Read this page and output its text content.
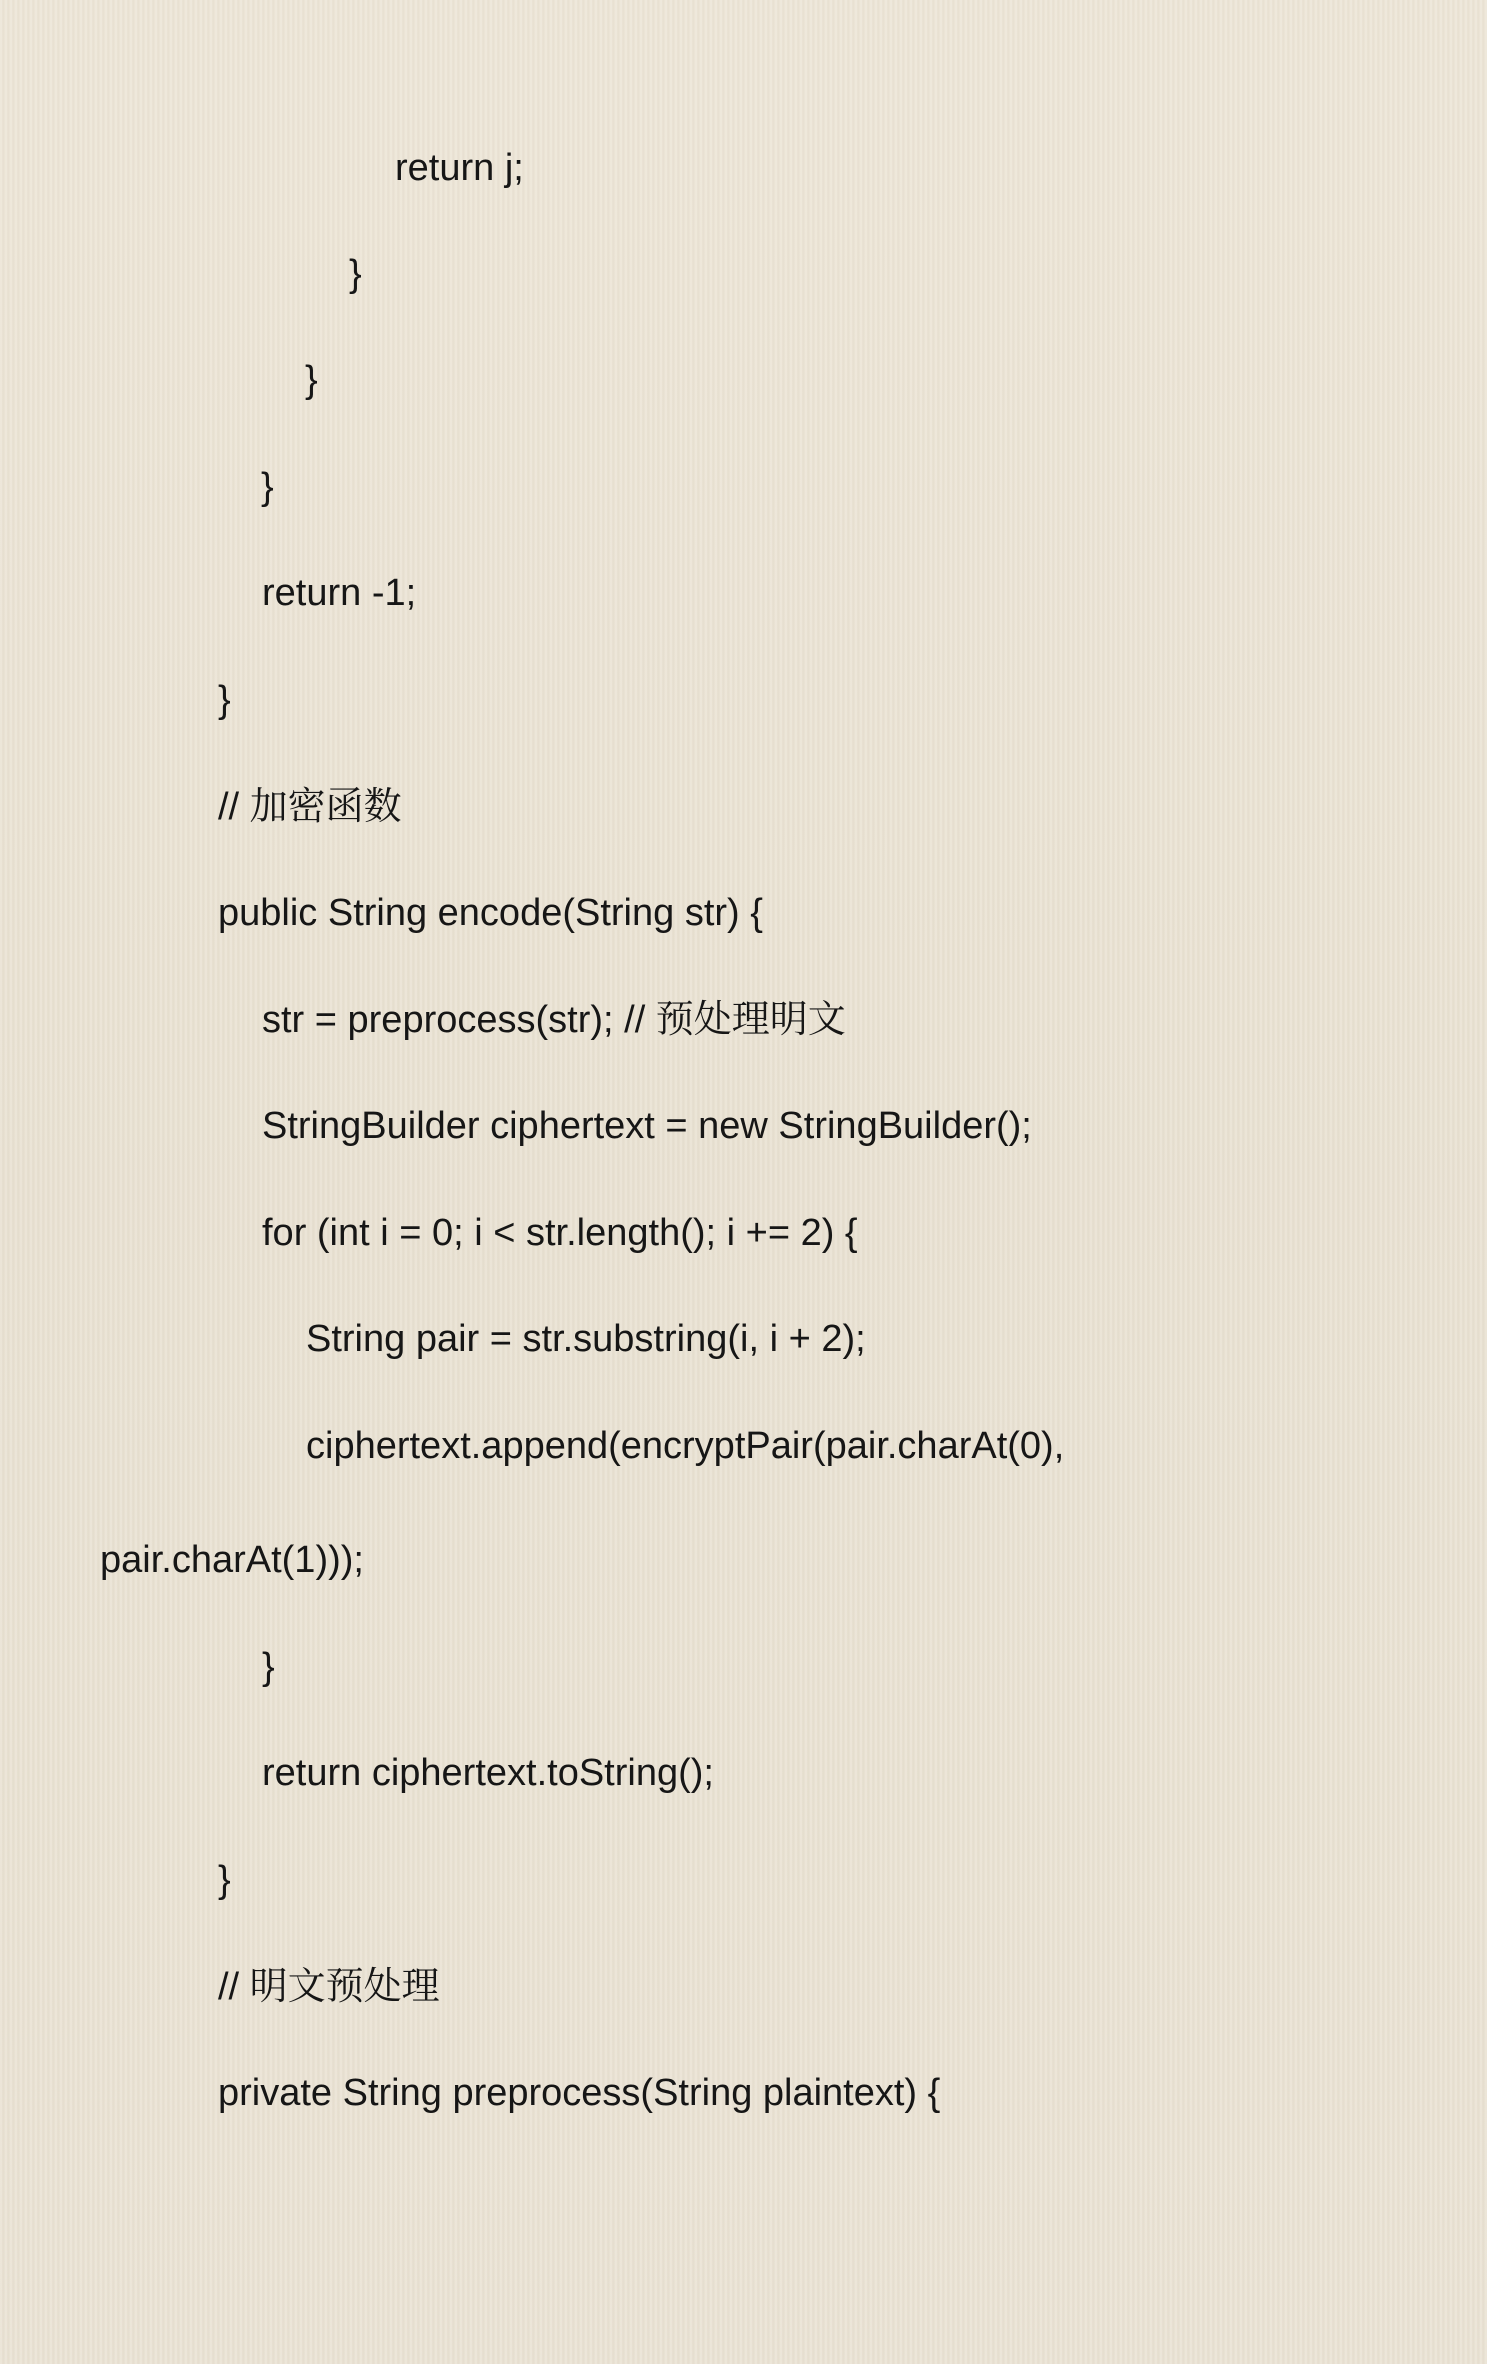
return j;
}
}
}
return -1;
}
// 加密函数
public String encode(String str) {
str = preprocess(str); // 预处理明文
StringBuilder ciphertext = new StringBuilder();
for (int i = 0; i < str.length(); i += 2) {
String pair = str.substring(i, i + 2);
ciphertext.append(encryptPair(pair.charAt(0),
pair.charAt(1)));
}
return ciphertext.toString();
}
// 明文预处理
private String preprocess(String plaintext) {
